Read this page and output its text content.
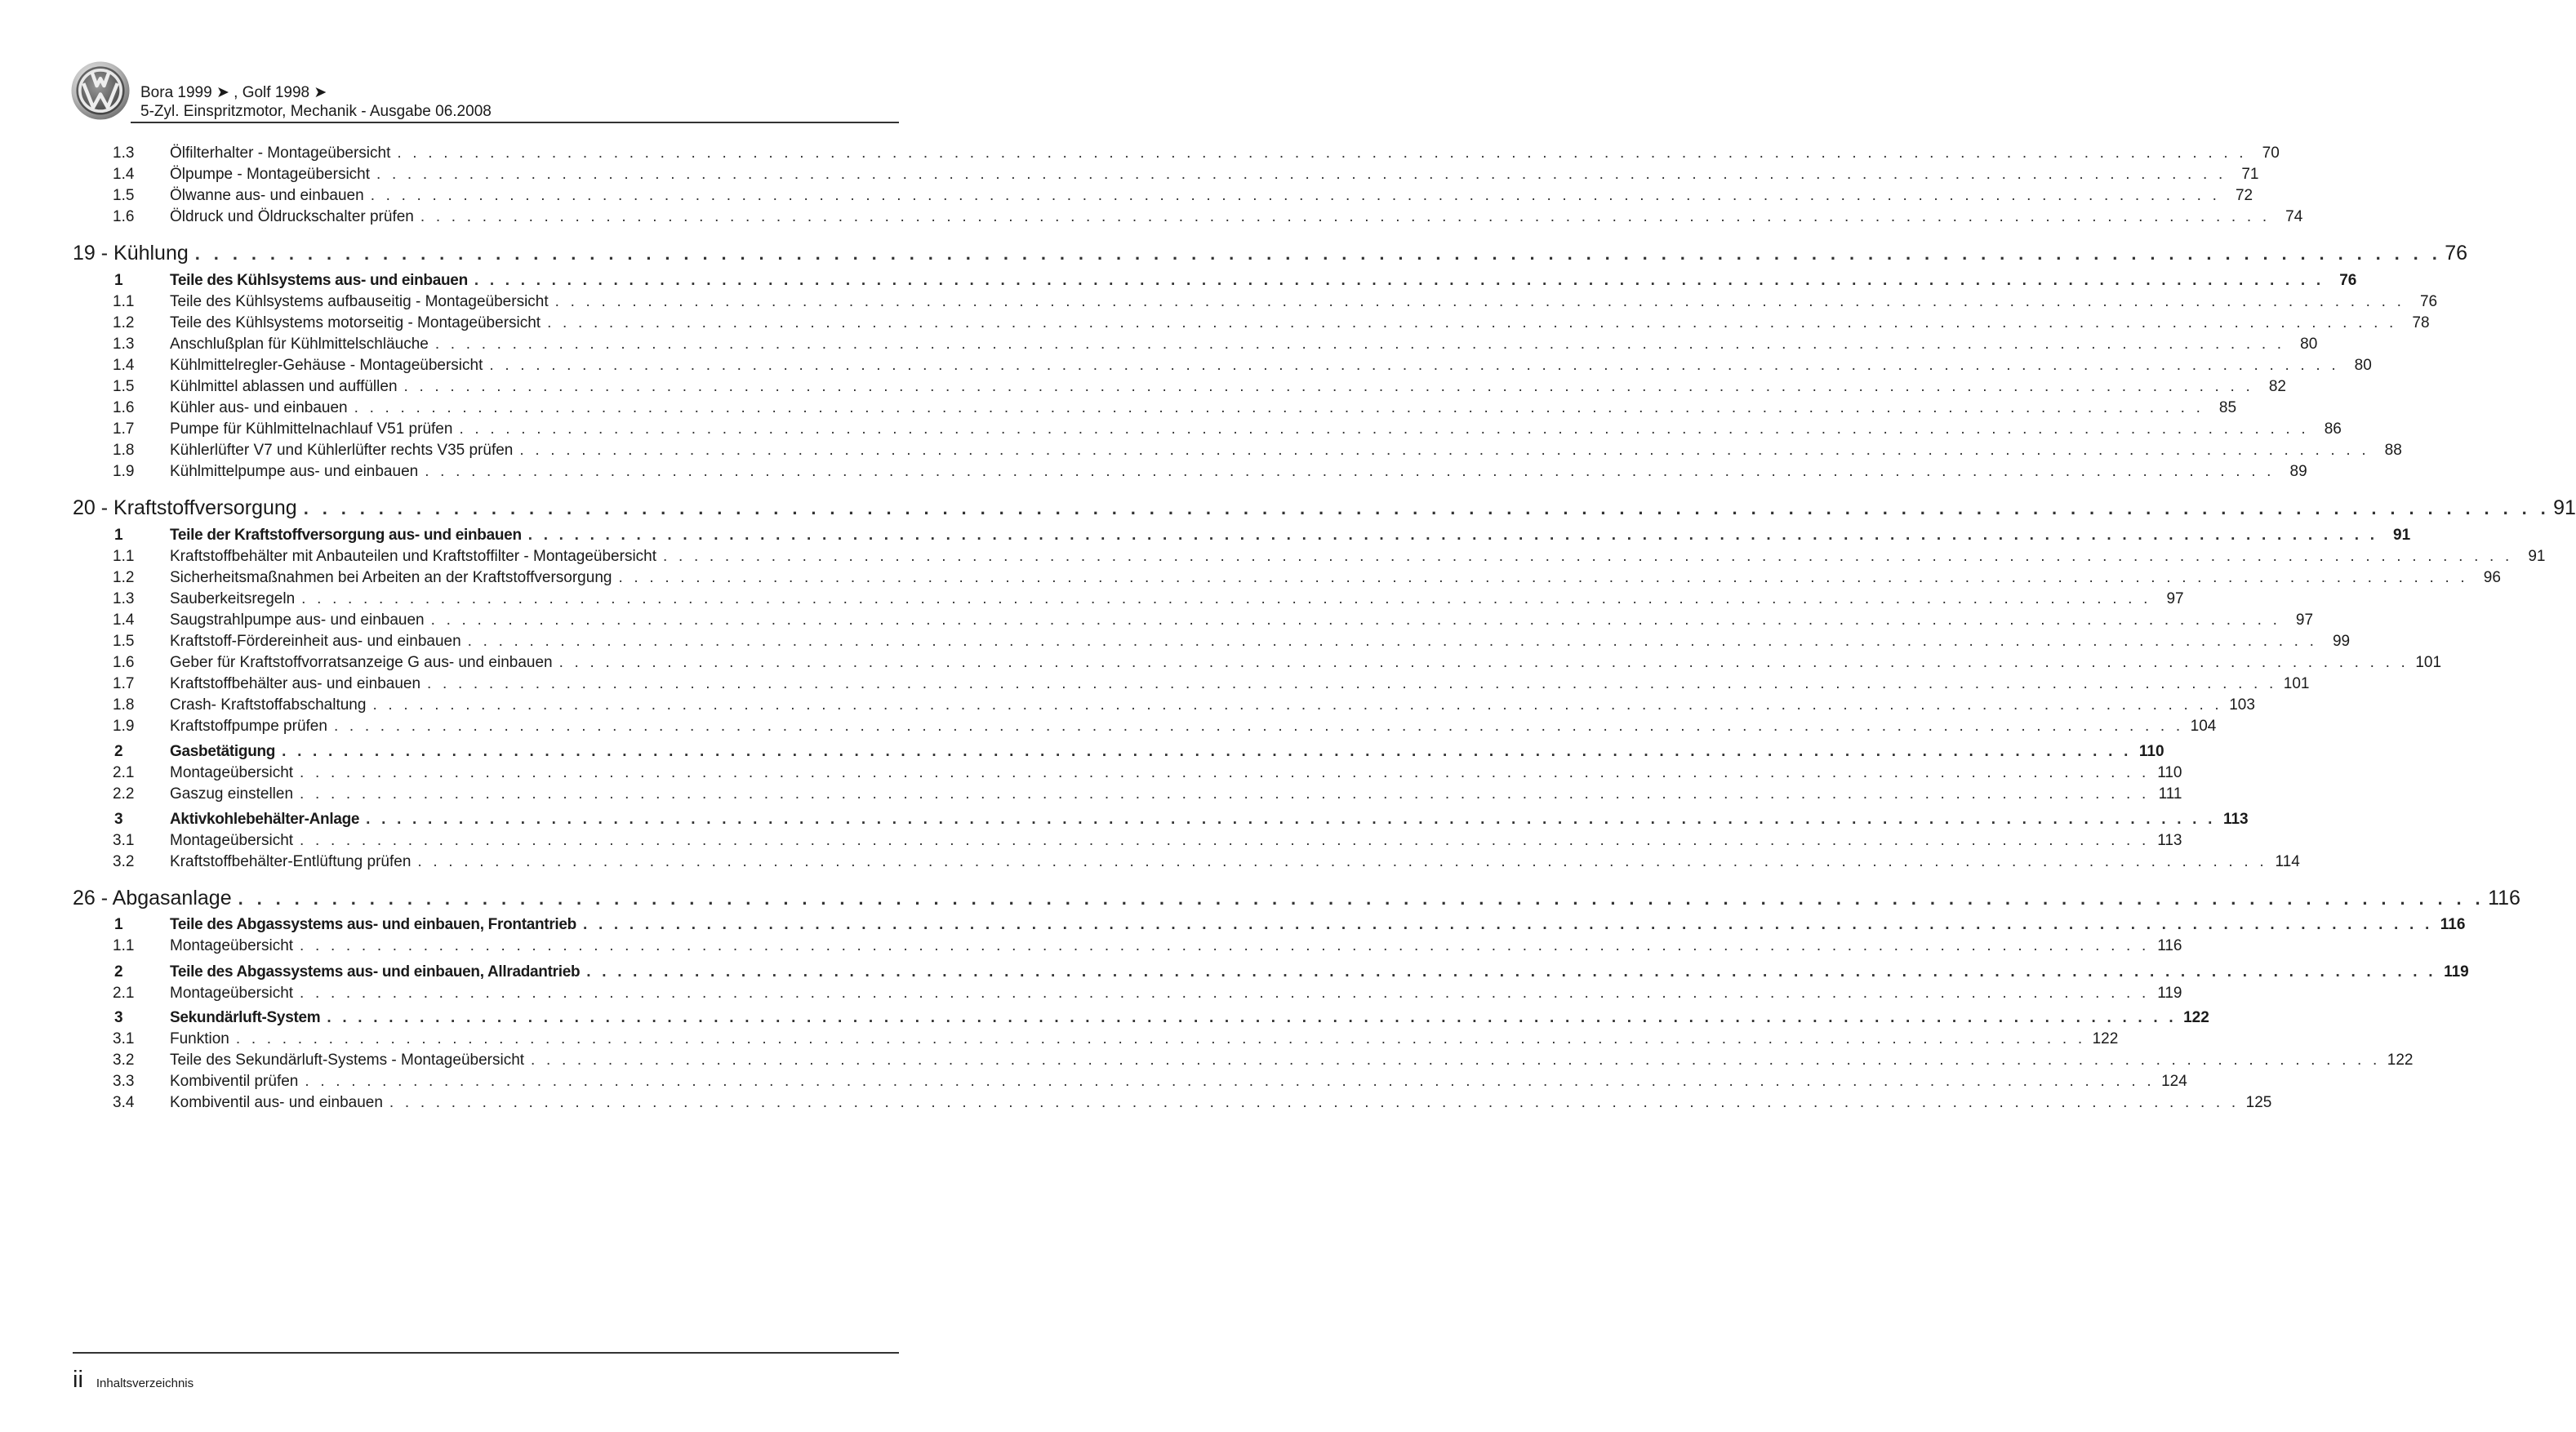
Bora 1999 ➤ , Golf 1998 ➤
5-Zyl. Einspritzmotor, Mechanik - Ausgabe 06.2008
1.3 Ölfilterhalter - Montageübersicht . . . . . . . . . . . . . . . . . . . . . . . . . . . . . . . . . . . . . . . . . . . . . . . . . . . . . . . . . . . . . . . . . . . . . . . . . . . . . . . . . . . . . . . . . . . . . . . . . . . . . . . . . . . . . . . . . . . . . . . . 70
1.4 Ölpumpe - Montageübersicht . . . . . . . . . . . . . . . . . . . . . . . . . . . . . . . . . . . . . . . . . . . . . . . . . . . . . . . . . . . . . . . . . . . . . . . . . . . . . . . . . . . . . . . . . . . . . . . . . . . . . . . . . . . . . . . . . . . . . . . . 71
1.5 Ölwanne aus- und einbauen . . . . . . . . . . . . . . . . . . . . . . . . . . . . . . . . . . . . . . . . . . . . . . . . . . . . . . . . . . . . . . . . . . . . . . . . . . . . . . . . . . . . . . . . . . . . . . . . . . . . . . . . . . . . . . . . . . . . . . . . 72
1.6 Öldruck und Öldruckschalter prüfen . . . . . . . . . . . . . . . . . . . . . . . . . . . . . . . . . . . . . . . . . . . . . . . . . . . . . . . . . . . . . . . . . . . . . . . . . . . . . . . . . . . . . . . . . . . . . . . . . . . . . . . . . . . . . . . . . . . . . . . . 74
19 - Kühlung . . . . . . . . . . . . . . . . . . . . . . . . . . . . . . . . . . . . . . . . . . . . . . . . . . . . . . . . . . . . . . . . . . . . . . . . . . . . . . . . . . . . . . . . . . . . . . . . . . . . . . . . . . . . . . . . . . . . . . . . 76
1	Teile des Kühlsystems aus- und einbauen . . . . . . . . . . . . . . . . . . . . . . . . . . . . . . . . . . . . . . . . . . . . . . . . . . . . . . . . . . . . . . . . . . . . . . . . . . . . . . . . . . . . . . . . . . . . . . . . . . . . . . . . . . . . . . . . . . . . . . . . 76
1.1 Teile des Kühlsystems aufbauseitig - Montageübersicht . . . . . . . . . . . . . . . . . . . . . . . . . . . . . . . . . . . . . . . . . . . . . . . . . . . . . . . . . . . . . . . . . . . . . . . . . . . . . . . . . . . . . . . . . . . . . . . . . . . . . . . . . . . . . . . . . . . . . . . . 76
1.2 Teile des Kühlsystems motorseitig - Montageübersicht . . . . . . . . . . . . . . . . . . . . . . . . . . . . . . . . . . . . . . . . . . . . . . . . . . . . . . . . . . . . . . . . . . . . . . . . . . . . . . . . . . . . . . . . . . . . . . . . . . . . . . . . . . . . . . . . . . . . . . . . 78
1.3 Anschlußplan für Kühlmittelschläuche . . . . . . . . . . . . . . . . . . . . . . . . . . . . . . . . . . . . . . . . . . . . . . . . . . . . . . . . . . . . . . . . . . . . . . . . . . . . . . . . . . . . . . . . . . . . . . . . . . . . . . . . . . . . . . . . . . . . . . . . 80
1.4 Kühlmittelregler-Gehäuse - Montageübersicht . . . . . . . . . . . . . . . . . . . . . . . . . . . . . . . . . . . . . . . . . . . . . . . . . . . . . . . . . . . . . . . . . . . . . . . . . . . . . . . . . . . . . . . . . . . . . . . . . . . . . . . . . . . . . . . . . . . . . . . . 80
1.5 Kühlmittel ablassen und auffüllen . . . . . . . . . . . . . . . . . . . . . . . . . . . . . . . . . . . . . . . . . . . . . . . . . . . . . . . . . . . . . . . . . . . . . . . . . . . . . . . . . . . . . . . . . . . . . . . . . . . . . . . . . . . . . . . . . . . . . . . . 82
1.6 Kühler aus- und einbauen . . . . . . . . . . . . . . . . . . . . . . . . . . . . . . . . . . . . . . . . . . . . . . . . . . . . . . . . . . . . . . . . . . . . . . . . . . . . . . . . . . . . . . . . . . . . . . . . . . . . . . . . . . . . . . . . . . . . . . . . 85
1.7 Pumpe für Kühlmittelnachlauf V51 prüfen . . . . . . . . . . . . . . . . . . . . . . . . . . . . . . . . . . . . . . . . . . . . . . . . . . . . . . . . . . . . . . . . . . . . . . . . . . . . . . . . . . . . . . . . . . . . . . . . . . . . . . . . . . . . . . . . . . . . . . . . 86
1.8 Kühlerlüfter V7 und Kühlerlüfter rechts V35 prüfen . . . . . . . . . . . . . . . . . . . . . . . . . . . . . . . . . . . . . . . . . . . . . . . . . . . . . . . . . . . . . . . . . . . . . . . . . . . . . . . . . . . . . . . . . . . . . . . . . . . . . . . . . . . . . . . . . . . . . . . . 88
1.9 Kühlmittelpumpe aus- und einbauen . . . . . . . . . . . . . . . . . . . . . . . . . . . . . . . . . . . . . . . . . . . . . . . . . . . . . . . . . . . . . . . . . . . . . . . . . . . . . . . . . . . . . . . . . . . . . . . . . . . . . . . . . . . . . . . . . . . . . . . . 89
20 - Kraftstoffversorgung . . . . . . . . . . . . . . . . . . . . . . . . . . . . . . . . . . . . . . . . . . . . . . . . . . . . . . . . . . . . . . . . . . . . . . . . . . . . . . . . . . . . . . . . . . . . . . . . . . . . . . . . . . . . . . . . . . . . . . . . 91
1	Teile der Kraftstoffversorgung aus- und einbauen . . . . . . . . . . . . . . . . . . . . . . . . . . . . . . . . . . . . . . . . . . . . . . . . . . . . . . . . . . . . . . . . . . . . . . . . . . . . . . . . . . . . . . . . . . . . . . . . . . . . . . . . . . . . . . . . . . . . . . . . 91
1.1 Kraftstoffbehälter mit Anbauteilen und Kraftstoffilter - Montageübersicht . . . . . . . . . . . . . . . . . . . . . . . . . . . . . . . . . . . . . . . . . . . . . . . . . . . . . . . . . . . . . . . . . . . . . . . . . . . . . . . . . . . . . . . . . . . . . . . . . . . . . . . . . . . . . . . . . . . . . . . . 91
1.2 Sicherheitsmaßnahmen bei Arbeiten an der Kraftstoffversorgung . . . . . . . . . . . . . . . . . . . . . . . . . . . . . . . . . . . . . . . . . . . . . . . . . . . . . . . . . . . . . . . . . . . . . . . . . . . . . . . . . . . . . . . . . . . . . . . . . . . . . . . . . . . . . . . . . . . . . . . . 96
1.3 Sauberkeitsregeln . . . . . . . . . . . . . . . . . . . . . . . . . . . . . . . . . . . . . . . . . . . . . . . . . . . . . . . . . . . . . . . . . . . . . . . . . . . . . . . . . . . . . . . . . . . . . . . . . . . . . . . . . . . . . . . . . . . . . . . . 97
1.4 Saugstrahlpumpe aus- und einbauen . . . . . . . . . . . . . . . . . . . . . . . . . . . . . . . . . . . . . . . . . . . . . . . . . . . . . . . . . . . . . . . . . . . . . . . . . . . . . . . . . . . . . . . . . . . . . . . . . . . . . . . . . . . . . . . . . . . . . . . . 97
1.5 Kraftstoff-Fördereinheit aus- und einbauen . . . . . . . . . . . . . . . . . . . . . . . . . . . . . . . . . . . . . . . . . . . . . . . . . . . . . . . . . . . . . . . . . . . . . . . . . . . . . . . . . . . . . . . . . . . . . . . . . . . . . . . . . . . . . . . . . . . . . . . . 99
1.6 Geber für Kraftstoffvorratsanzeige G aus- und einbauen . . . . . . . . . . . . . . . . . . . . . . . . . . . . . . . . . . . . . . . . . . . . . . . . . . . . . . . . . . . . . . . . . . . . . . . . . . . . . . . . . . . . . . . . . . . . . . . . . . . . . . . . . . . . . . . . . . . . . . . . 101
1.7 Kraftstoffbehälter aus- und einbauen . . . . . . . . . . . . . . . . . . . . . . . . . . . . . . . . . . . . . . . . . . . . . . . . . . . . . . . . . . . . . . . . . . . . . . . . . . . . . . . . . . . . . . . . . . . . . . . . . . . . . . . . . . . . . . . . . . . . . . . . 101
1.8 Crash- Kraftstoffabschaltung . . . . . . . . . . . . . . . . . . . . . . . . . . . . . . . . . . . . . . . . . . . . . . . . . . . . . . . . . . . . . . . . . . . . . . . . . . . . . . . . . . . . . . . . . . . . . . . . . . . . . . . . . . . . . . . . . . . . . . . . 103
1.9 Kraftstoffpumpe prüfen . . . . . . . . . . . . . . . . . . . . . . . . . . . . . . . . . . . . . . . . . . . . . . . . . . . . . . . . . . . . . . . . . . . . . . . . . . . . . . . . . . . . . . . . . . . . . . . . . . . . . . . . . . . . . . . . . . . . . . . . 104
2	Gasbetätigung . . . . . . . . . . . . . . . . . . . . . . . . . . . . . . . . . . . . . . . . . . . . . . . . . . . . . . . . . . . . . . . . . . . . . . . . . . . . . . . . . . . . . . . . . . . . . . . . . . . . . . . . . . . . . . . . . . . . . . . . 110
2.1 Montageübersicht . . . . . . . . . . . . . . . . . . . . . . . . . . . . . . . . . . . . . . . . . . . . . . . . . . . . . . . . . . . . . . . . . . . . . . . . . . . . . . . . . . . . . . . . . . . . . . . . . . . . . . . . . . . . . . . . . . . . . . . . 110
2.2 Gaszug einstellen . . . . . . . . . . . . . . . . . . . . . . . . . . . . . . . . . . . . . . . . . . . . . . . . . . . . . . . . . . . . . . . . . . . . . . . . . . . . . . . . . . . . . . . . . . . . . . . . . . . . . . . . . . . . . . . . . . . . . . . . 111
3	Aktivkohlebehälter-Anlage . . . . . . . . . . . . . . . . . . . . . . . . . . . . . . . . . . . . . . . . . . . . . . . . . . . . . . . . . . . . . . . . . . . . . . . . . . . . . . . . . . . . . . . . . . . . . . . . . . . . . . . . . . . . . . . . . . . . . . . . 113
3.1 Montageübersicht . . . . . . . . . . . . . . . . . . . . . . . . . . . . . . . . . . . . . . . . . . . . . . . . . . . . . . . . . . . . . . . . . . . . . . . . . . . . . . . . . . . . . . . . . . . . . . . . . . . . . . . . . . . . . . . . . . . . . . . . 113
3.2 Kraftstoffbehälter-Entlüftung prüfen . . . . . . . . . . . . . . . . . . . . . . . . . . . . . . . . . . . . . . . . . . . . . . . . . . . . . . . . . . . . . . . . . . . . . . . . . . . . . . . . . . . . . . . . . . . . . . . . . . . . . . . . . . . . . . . . . . . . . . . . 114
26 - Abgasanlage . . . . . . . . . . . . . . . . . . . . . . . . . . . . . . . . . . . . . . . . . . . . . . . . . . . . . . . . . . . . . . . . . . . . . . . . . . . . . . . . . . . . . . . . . . . . . . . . . . . . . . . . . . . . . . . . . . . . . . . . 116
1	Teile des Abgassystems aus- und einbauen, Frontantrieb . . . . . . . . . . . . . . . . . . . . . . . . . . . . . . . . . . . . . . . . . . . . . . . . . . . . . . . . . . . . . . . . . . . . . . . . . . . . . . . . . . . . . . . . . . . . . . . . . . . . . . . . . . . . . . . . . . . . . . . . 116
1.1 Montageübersicht . . . . . . . . . . . . . . . . . . . . . . . . . . . . . . . . . . . . . . . . . . . . . . . . . . . . . . . . . . . . . . . . . . . . . . . . . . . . . . . . . . . . . . . . . . . . . . . . . . . . . . . . . . . . . . . . . . . . . . . . 116
2	Teile des Abgassystems aus- und einbauen, Allradantrieb . . . . . . . . . . . . . . . . . . . . . . . . . . . . . . . . . . . . . . . . . . . . . . . . . . . . . . . . . . . . . . . . . . . . . . . . . . . . . . . . . . . . . . . . . . . . . . . . . . . . . . . . . . . . . . . . . . . . . . . . 119
2.1 Montageübersicht . . . . . . . . . . . . . . . . . . . . . . . . . . . . . . . . . . . . . . . . . . . . . . . . . . . . . . . . . . . . . . . . . . . . . . . . . . . . . . . . . . . . . . . . . . . . . . . . . . . . . . . . . . . . . . . . . . . . . . . . 119
3	Sekundärluft-System . . . . . . . . . . . . . . . . . . . . . . . . . . . . . . . . . . . . . . . . . . . . . . . . . . . . . . . . . . . . . . . . . . . . . . . . . . . . . . . . . . . . . . . . . . . . . . . . . . . . . . . . . . . . . . . . . . . . . . . . 122
3.1 Funktion . . . . . . . . . . . . . . . . . . . . . . . . . . . . . . . . . . . . . . . . . . . . . . . . . . . . . . . . . . . . . . . . . . . . . . . . . . . . . . . . . . . . . . . . . . . . . . . . . . . . . . . . . . . . . . . . . . . . . . . . 122
3.2 Teile des Sekundärluft-Systems - Montageübersicht . . . . . . . . . . . . . . . . . . . . . . . . . . . . . . . . . . . . . . . . . . . . . . . . . . . . . . . . . . . . . . . . . . . . . . . . . . . . . . . . . . . . . . . . . . . . . . . . . . . . . . . . . . . . . . . . . . . . . . . . 122
3.3 Kombiventil prüfen . . . . . . . . . . . . . . . . . . . . . . . . . . . . . . . . . . . . . . . . . . . . . . . . . . . . . . . . . . . . . . . . . . . . . . . . . . . . . . . . . . . . . . . . . . . . . . . . . . . . . . . . . . . . . . . . . . . . . . . . 124
3.4 Kombiventil aus- und einbauen . . . . . . . . . . . . . . . . . . . . . . . . . . . . . . . . . . . . . . . . . . . . . . . . . . . . . . . . . . . . . . . . . . . . . . . . . . . . . . . . . . . . . . . . . . . . . . . . . . . . . . . . . . . . . . . . . . . . . . . . 125
ii Inhaltsverzeichnis
